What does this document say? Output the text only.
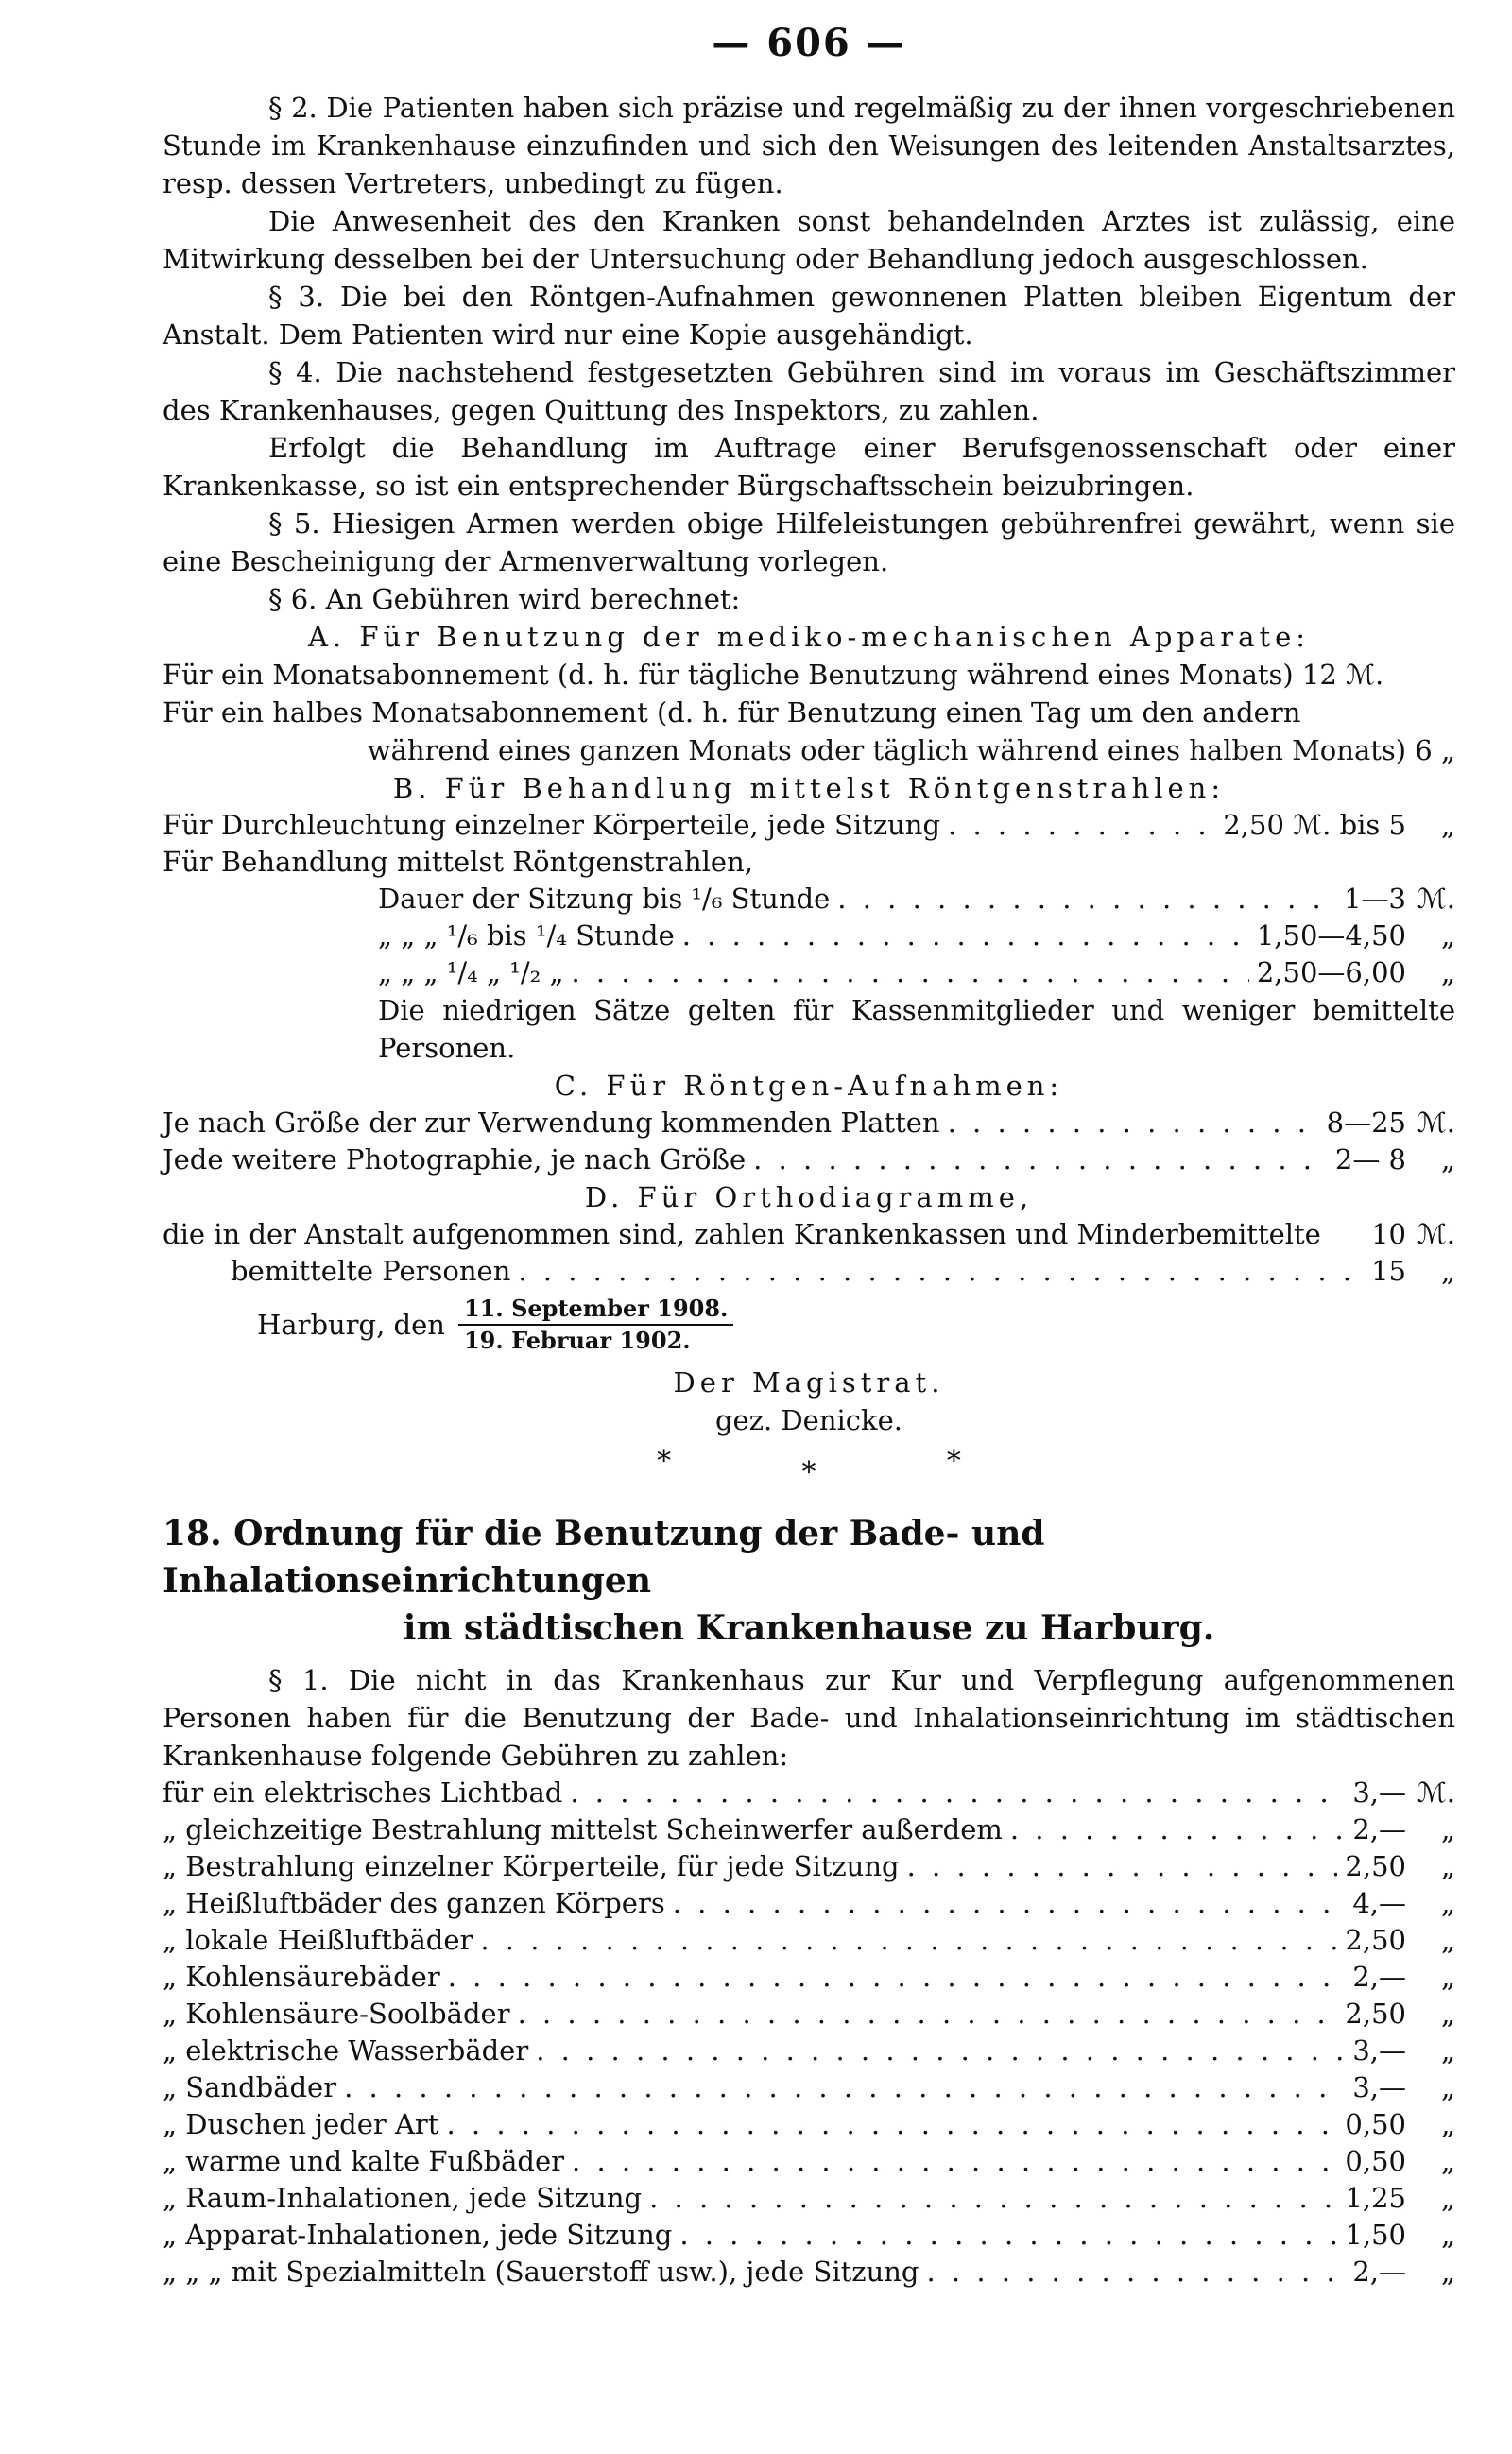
— 606 —

§ 2. Die Patienten haben sich präzise und regelmäßig zu der ihnen vorgeschriebenen Stunde im Krankenhause einzufinden und sich den Weisungen des leitenden Anstaltsarztes, resp. dessen Vertreters, unbedingt zu fügen.

Die Anwesenheit des den Kranken sonst behandelnden Arztes ist zulässig, eine Mitwirkung desselben bei der Untersuchung oder Behandlung jedoch ausgeschlossen.

§ 3. Die bei den Röntgen-Aufnahmen gewonnenen Platten bleiben Eigentum der Anstalt. Dem Patienten wird nur eine Kopie ausgehändigt.

§ 4. Die nachstehend festgesetzten Gebühren sind im voraus im Geschäftszimmer des Krankenhauses, gegen Quittung des Inspektors, zu zahlen.

Erfolgt die Behandlung im Auftrage einer Berufsgenossenschaft oder einer Krankenkasse, so ist ein entsprechender Bürgschaftsschein beizubringen.

§ 5. Hiesigen Armen werden obige Hilfeleistungen gebührenfrei gewährt, wenn sie eine Bescheinigung der Armenverwaltung vorlegen.

§ 6. An Gebühren wird berechnet:

A. Für Benutzung der mediko-mechanischen Apparate:

Für ein Monatsabonnement (d. h. für tägliche Benutzung während eines Monats) 12 ℳ.

Für ein halbes Monatsabonnement (d. h. für Benutzung einen Tag um den andern

während eines ganzen Monats oder täglich während eines halben Monats) 6 „

B. Für Behandlung mittelst Röntgenstrahlen:
Für Durchleuchtung einzelner Körperteile, jede Sitzung . . .	2,50 ℳ. bis 5	„
Für Behandlung mittelst Röntgenstrahlen,
Dauer der Sitzung bis ¹/₆ Stunde . . .	1—3 ℳ.
„ „ „ ¹/₆ bis ¹/₄ Stunde . . .	1,50—4,50	„
„ „ „ ¹/₄ „ ¹/₂ „ . . .	2,50—6,00	„

Die niedrigen Sätze gelten für Kassenmitglieder und weniger bemittelte Personen.

C. Für Röntgen-Aufnahmen:
Je nach Größe der zur Verwendung kommenden Platten . . .	8—25 ℳ.
Jede weitere Photographie, je nach Größe . . .	2— 8	„
D. Für Orthodiagramme,
die in der Anstalt aufgenommen sind, zahlen Krankenkassen und Minderbemittelte 10 ℳ.
bemittelte Personen . . .	15	„
Harburg, den $\frac{\text{11. September 1908.}}{\text{19. Februar 1902.}}$
Der Magistrat.
gez. Denicke.
*	*	*
18. Ordnung für die Benutzung der Bade- und Inhalationseinrichtungen
im städtischen Krankenhause zu Harburg.

§ 1. Die nicht in das Krankenhaus zur Kur und Verpflegung aufgenommenen Personen haben für die Benutzung der Bade- und Inhalationseinrichtung im städtischen Krankenhause folgende Gebühren zu zahlen:

für ein elektrisches Lichtbad . . .	3,— ℳ.
„ gleichzeitige Bestrahlung mittelst Scheinwerfer außerdem . . .	2,—	„
„ Bestrahlung einzelner Körperteile, für jede Sitzung . . .	2,50	„
„ Heißluftbäder des ganzen Körpers . . .	4,—	„
„ lokale Heißluftbäder . . .	2,50	„
„ Kohlensäurebäder . . .	2,—	„
„ Kohlensäure-Soolbäder . . .	2,50	„
„ elektrische Wasserbäder . . .	3,—	„
„ Sandbäder . . .	3,—	„
„ Duschen jeder Art . . .	0,50	„
„ warme und kalte Fußbäder . . .	0,50	„
„ Raum-Inhalationen, jede Sitzung . . .	1,25	„
„ Apparat-Inhalationen, jede Sitzung . . .	1,50	„
„ „ „ mit Spezialmitteln (Sauerstoff usw.), jede Sitzung . . .	2,—	„
